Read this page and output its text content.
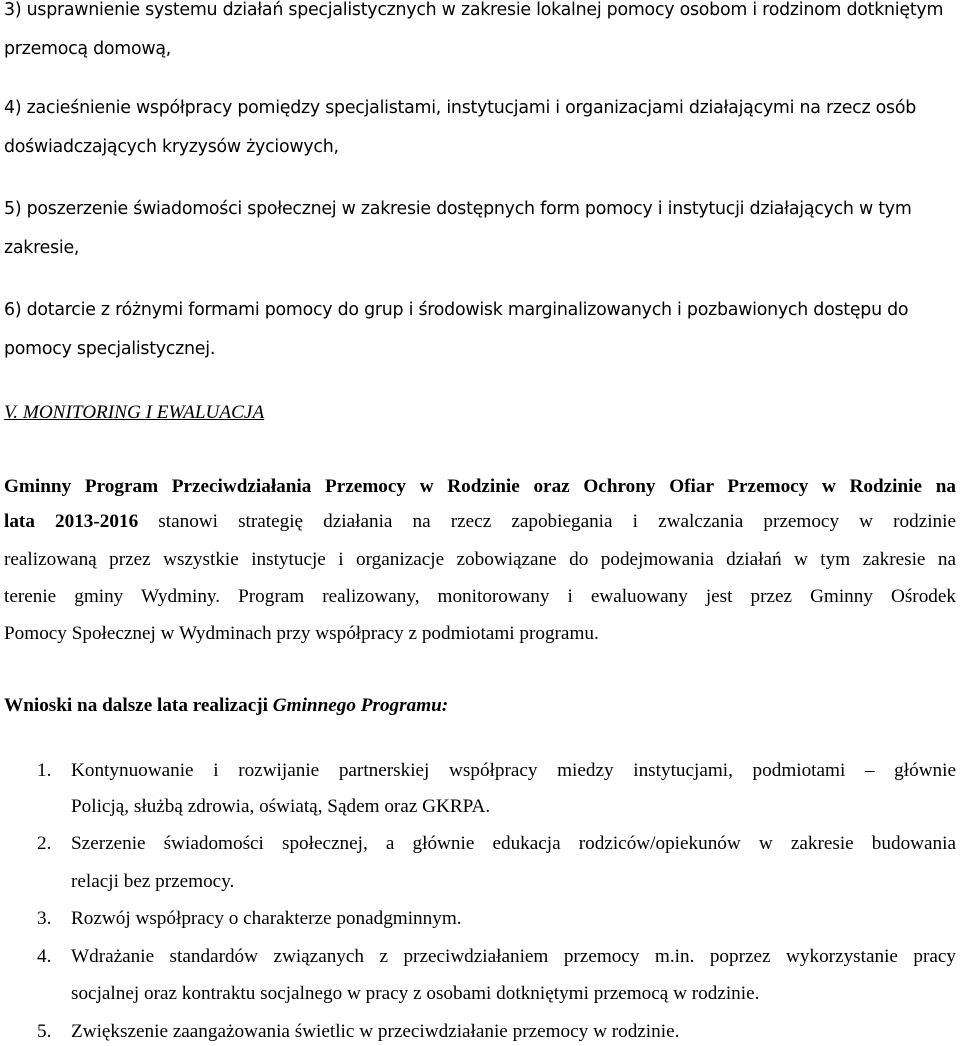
3) usprawnienie systemu działań specjalistycznych w zakresie lokalnej pomocy osobom i rodzinom dotkniętym
przemocą domową,
4) zacieśnienie współpracy pomiędzy specjalistami, instytucjami i organizacjami działającymi na rzecz osób
doświadczających kryzysów życiowych,
5) poszerzenie świadomości społecznej w zakresie dostępnych form pomocy i instytucji działających w tym
zakresie,
6) dotarcie z różnymi formami pomocy do grup i środowisk marginalizowanych i pozbawionych dostępu do
pomocy specjalistycznej.
V. MONITORING I EWALUACJA
Gminny Program Przeciwdziałania Przemocy w Rodzinie oraz Ochrony Ofiar Przemocy w Rodzinie na
lata 2013-2016 stanowi strategię działania na rzecz zapobiegania i zwalczania przemocy w rodzinie
realizowaną przez wszystkie instytucje i organizacje zobowiązane do podejmowania działań w tym zakresie na
terenie gminy Wydminy. Program realizowany, monitorowany i ewaluowany jest przez Gminny Ośrodek
Pomocy Społecznej w Wydminach przy współpracy z podmiotami programu.
Wnioski na dalsze lata realizacji Gminnego Programu:
1. Kontynuowanie i rozwijanie partnerskiej współpracy miedzy instytucjami, podmiotami – głównie
Policją, służbą zdrowia, oświatą, Sądem oraz GKRPA.
2. Szerzenie świadomości społecznej, a głównie edukacja rodziców/opiekunów w zakresie budowania
relacji bez przemocy.
3. Rozwój współpracy o charakterze ponadgminnym.
4. Wdrażanie standardów związanych z przeciwdziałaniem przemocy m.in. poprzez wykorzystanie pracy
socjalnej oraz kontraktu socjalnego w pracy z osobami dotkniętymi przemocą w rodzinie.
5. Zwiększenie zaangażowania świetlic w przeciwdziałanie przemocy w rodzinie.
